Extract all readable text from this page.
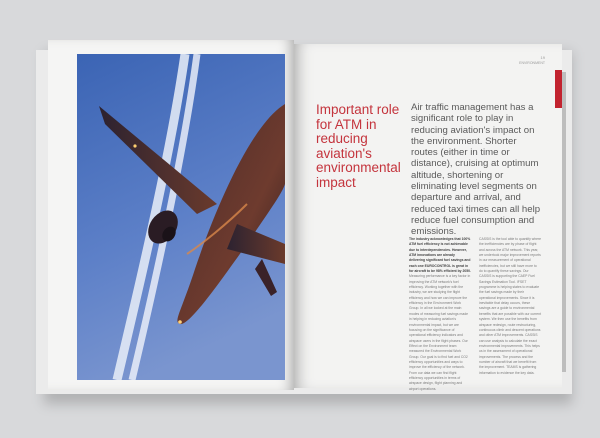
19
ENVIRONMENT
Important role for ATM in reducing aviation's environmental impact
Air traffic management has a significant role to play in reducing aviation's impact on the environment. Shorter routes (either in time or distance), cruising at optimum altitude, shortening or eliminating level segments on departure and arrival, and reduced taxi times can all help reduce fuel consumption and emissions.
The industry acknowledges that 100% ATM fuel efficiency is not achievable due to interdependencies. However, ATM innovations are already delivering significant fuel savings and each one EUROCONTROL is great in for aircraft to be 98% efficient by 2050. Measuring performance is a key factor in improving the ATM network's fuel efficiency. Working together with the industry, we are studying the flight efficiency and how we can improve the efficiency in the Environment Work Group. In all we looked at the main modes of measuring fuel savings made in helping in reducing aviation's environmental impact, but we are focusing on the significance of operational efficiency indicators and airspace users in the flight phases. Our Effect on the Environment team measured the Environmental Work Group. Our goal is to find fuel and CO2 efficiency opportunities and ways to improve the efficiency of the network. From our data we can find flight efficiency opportunities in terms of airspace design, flight planning and airport operations.
CASSIS is the tool able to quantify where the inefficiencies are by phase of flight and across the ATM network. This year, we undertook major improvement reports in our measurement of operational inefficiencies, but we still have more to do to quantify these savings. Our CASSIS is supporting the CAEP Fuel Savings Estimation Tool. IFSET programme is helping states to evaluate the fuel savings made by their operational improvements. Since it is inevitable that delay occurs, these savings are a guide to environmental benefits that are possible with our current system. We then use the benefits from airspace redesign, route restructuring, continuous climb and descent operations and other ATM improvements. CASSIS can use analysis to calculate the exact environmental improvements. This helps us in the assessment of operational improvements. The process and the number of aircraft that we benefit from the improvement. TEAMS is gathering information to evidence the key data.
